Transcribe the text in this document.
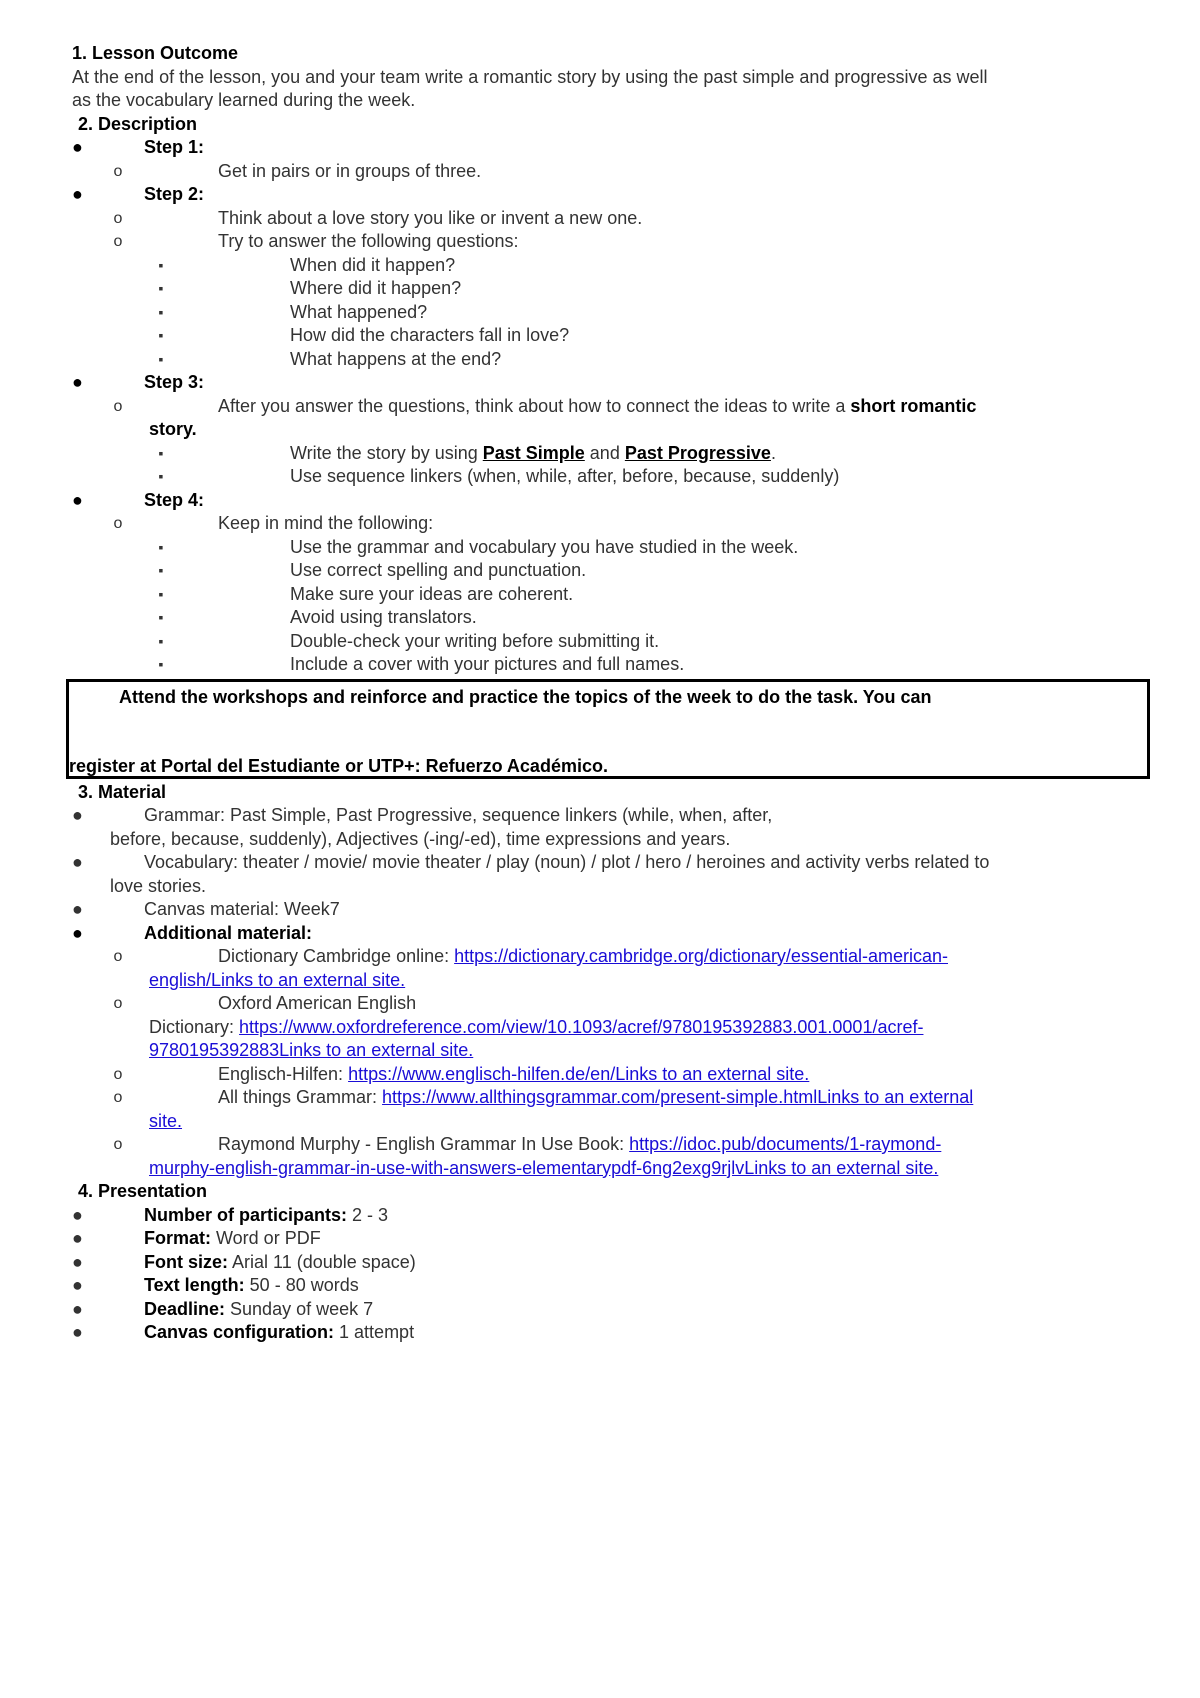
1. Lesson Outcome
At the end of the lesson, you and your team write a romantic story by using the past simple and progressive as well
as the vocabulary learned during the week.
2. Description
●	Step 1:
o	Get in pairs or in groups of three.
●	Step 2:
o	Think about a love story you like or invent a new one.
o	Try to answer the following questions:
▪	When did it happen?
▪	Where did it happen?
▪	What happened?
▪	How did the characters fall in love?
▪	What happens at the end?
●	Step 3:
o	After you answer the questions, think about how to connect the ideas to write a short romantic
story.
▪	Write the story by using Past Simple and Past Progressive.
▪	Use sequence linkers (when, while, after, before, because, suddenly)
●	Step 4:
o	Keep in mind the following:
▪	Use the grammar and vocabulary you have studied in the week.
▪	Use correct spelling and punctuation.
▪	Make sure your ideas are coherent.
▪	Avoid using translators.
▪	Double-check your writing before submitting it.
▪	Include a cover with your pictures and full names.
Attend the workshops and reinforce and practice the topics of the week to do the task. You can
register at Portal del Estudiante or UTP+: Refuerzo Académico.
3. Material
●	Grammar: Past Simple, Past Progressive, sequence linkers (while, when, after,
before, because, suddenly), Adjectives (-ing/-ed), time expressions and years.
●	Vocabulary: theater / movie/ movie theater / play (noun) / plot / hero / heroines and activity verbs related to
love stories.
●	Canvas material: Week7
●	Additional material:
o	Dictionary Cambridge online: https://dictionary.cambridge.org/dictionary/essential-american-
english/Links to an external site.
o	Oxford American English
Dictionary: https://www.oxfordreference.com/view/10.1093/acref/9780195392883.001.0001/acref-
9780195392883Links to an external site.
o	Englisch-Hilfen: https://www.englisch-hilfen.de/en/Links to an external site.
o	All things Grammar: https://www.allthingsgrammar.com/present-simple.htmlLinks to an external
site.
o	Raymond Murphy - English Grammar In Use Book: https://idoc.pub/documents/1-raymond-
murphy-english-grammar-in-use-with-answers-elementarypdf-6ng2exg9rjlvLinks to an external site.
4. Presentation
●	Number of participants: 2 - 3
●	Format: Word or PDF
●	Font size: Arial 11 (double space)
●	Text length: 50 - 80 words
●	Deadline: Sunday of week 7
●	Canvas configuration: 1 attempt
